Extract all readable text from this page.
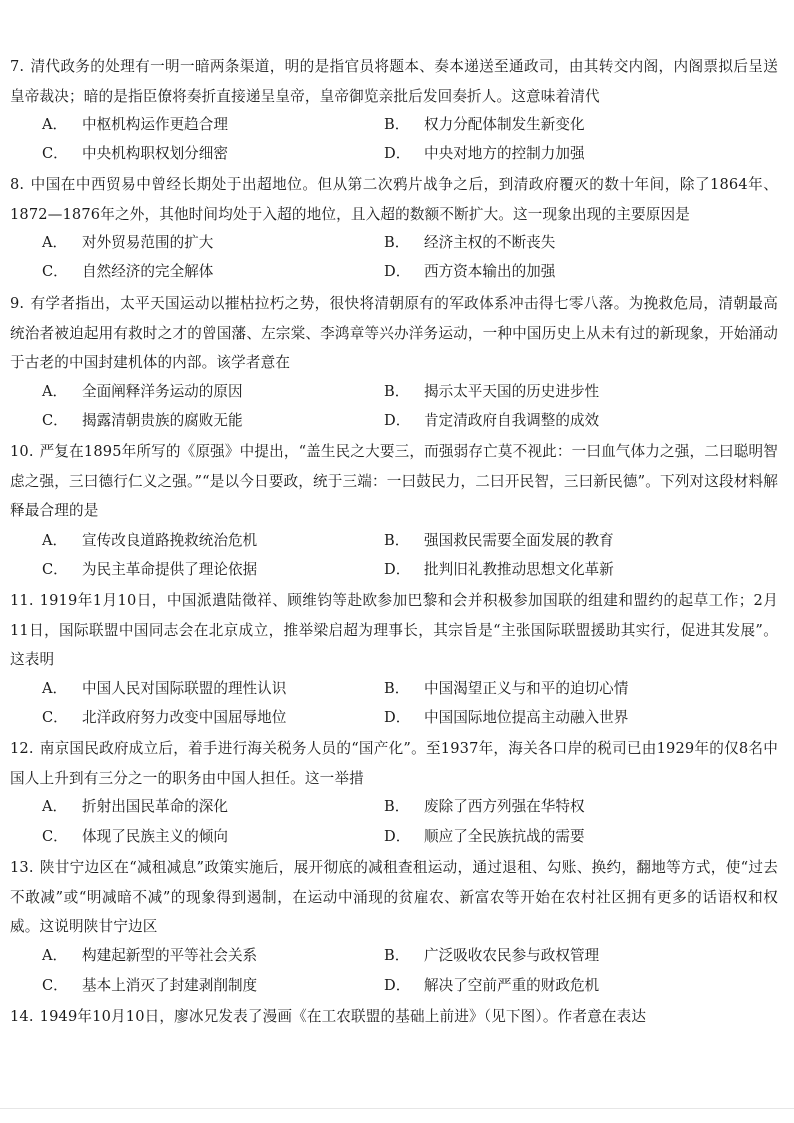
7. 清代政务的处理有一明一暗两条渠道，明的是指官员将题本、奏本递送至通政司，由其转交内阁，内阁票拟后呈送皇帝裁决；暗的是指臣僚将奏折直接递呈皇帝，皇帝御览亲批后发回奏折人。这意味着清代
A． 中枢机构运作更趋合理	B． 权力分配体制发生新变化
C． 中央机构职权划分细密	D． 中央对地方的控制力加强
8. 中国在中西贸易中曾经长期处于出超地位。但从第二次鸦片战争之后，到清政府覆灭的数十年间，除了1864年、1872—1876年之外，其他时间均处于入超的地位，且入超的数额不断扩大。这一现象出现的主要原因是
A． 对外贸易范围的扩大	B． 经济主权的不断丧失
C． 自然经济的完全解体	D． 西方资本输出的加强
9. 有学者指出，太平天国运动以摧枯拉朽之势，很快将清朝原有的军政体系冲击得七零八落。为挽救危局，清朝最高统治者被迫起用有救时之才的曾国藩、左宗棠、李鸿章等兴办洋务运动，一种中国历史上从未有过的新现象，开始涌动于古老的中国封建机体的内部。该学者意在
A． 全面阐释洋务运动的原因	B． 揭示太平天国的历史进步性
C． 揭露清朝贵族的腐败无能	D． 肯定清政府自我调整的成效
10. 严复在1895年所写的《原强》中提出，“盖生民之大要三，而强弱存亡莫不视此：一曰血气体力之强，二曰聪明智虑之强，三曰德行仁义之强。”“是以今日要政，统于三端：一曰鼓民力，二曰开民智，三曰新民德”。下列对这段材料解释最合理的是
A． 宣传改良道路挽救统治危机	B． 强国救民需要全面发展的教育
C． 为民主革命提供了理论依据	D． 批判旧礼教推动思想文化革新
11. 1919年1月10日，中国派遣陆徵祥、顾维钧等赴欧参加巴黎和会并积极参加国联的组建和盟约的起草工作；2月11日，国际联盟中国同志会在北京成立，推举梁启超为理事长，其宗旨是“主张国际联盟援助其实行，促进其发展”。这表明
A． 中国人民对国际联盟的理性认识	B． 中国渴望正义与和平的迫切心情
C． 北洋政府努力改变中国屈辱地位	D． 中国国际地位提高主动融入世界
12. 南京国民政府成立后，着手进行海关税务人员的“国产化”。至1937年，海关各口岸的税司已由1929年的仅8名中国人上升到有三分之一的职务由中国人担任。这一举措
A． 折射出国民革命的深化	B． 废除了西方列强在华特权
C． 体现了民族主义的倾向	D． 顺应了全民族抗战的需要
13. 陕甘宁边区在“减租减息”政策实施后，展开彻底的减租查租运动，通过退租、勾账、换约，翻地等方式，使“过去不敢减”或“明减暗不减”的现象得到遏制，在运动中涌现的贫雇农、新富农等开始在农村社区拥有更多的话语权和权威。这说明陕甘宁边区
A． 构建起新型的平等社会关系	B． 广泛吸收农民参与政权管理
C． 基本上消灭了封建剥削制度	D． 解决了空前严重的财政危机
14. 1949年10月10日，廖冰兄发表了漫画《在工农联盟的基础上前进》（见下图）。作者意在表达
